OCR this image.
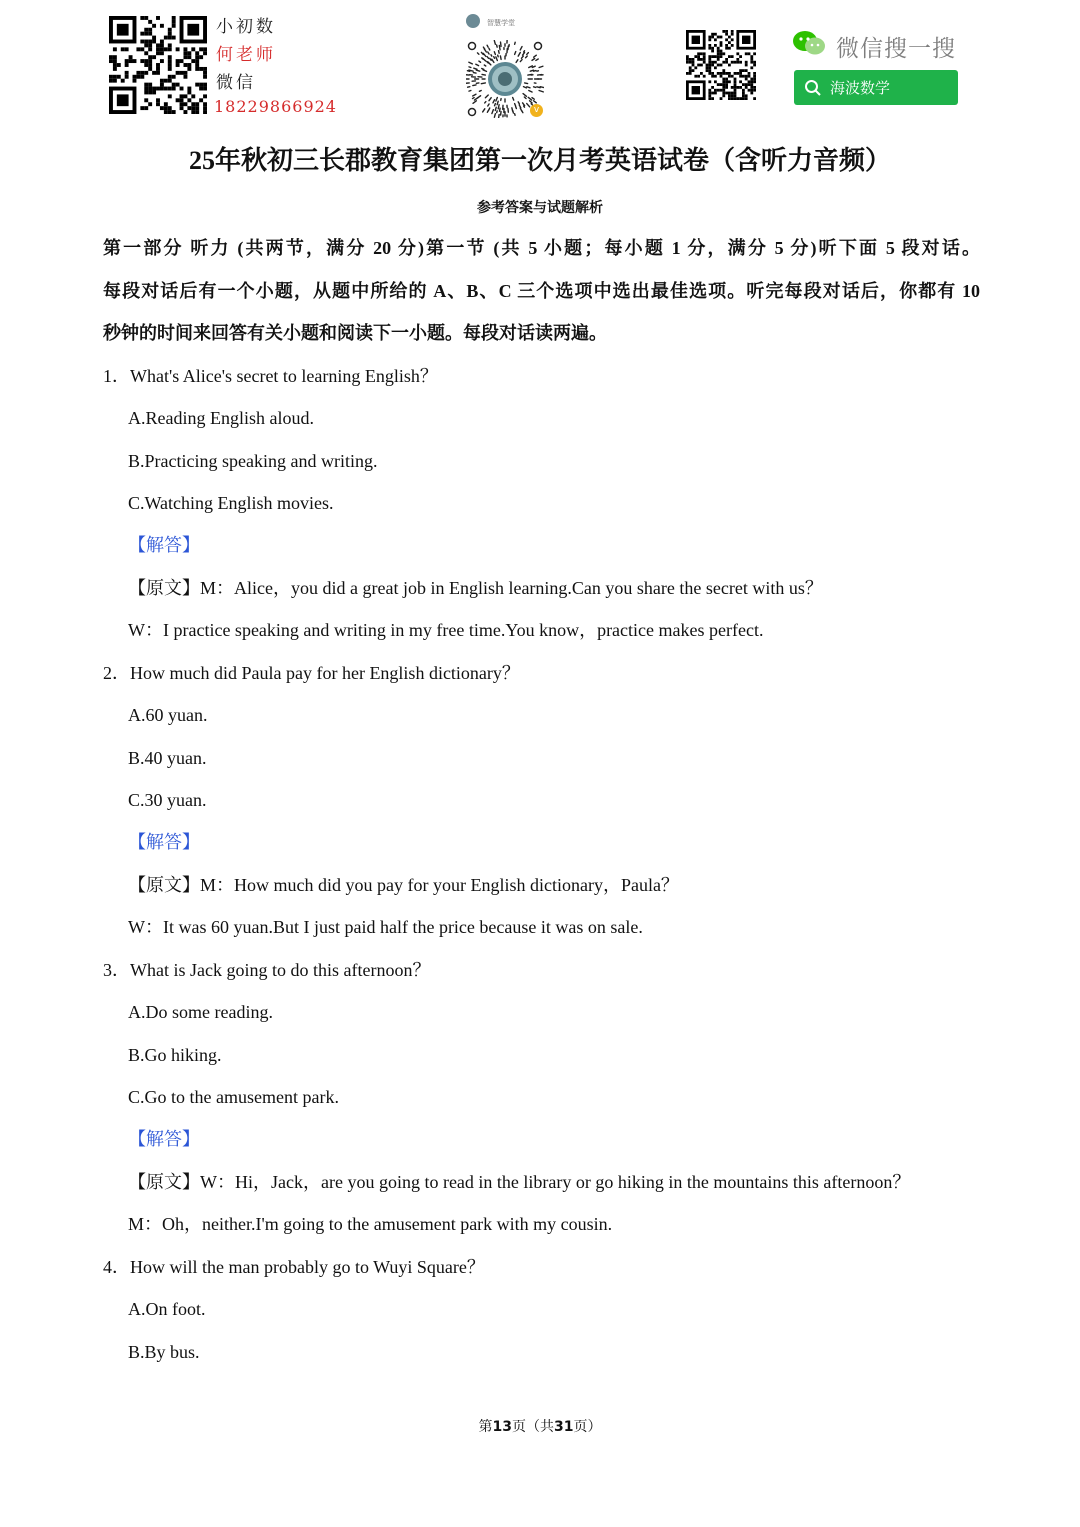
小初数
何老师
微信
18229866924
智慧学堂
v
微信搜一搜
海波数学
25年秋初三长郡教育集团第一次月考英语试卷（含听力音频）
参考答案与试题解析
第一部分 听力 (共两节，满分 20 分)第一节 (共 5 小题；每小题 1 分，满分 5 分)听下面 5 段对话。
每段对话后有一个小题，从题中所给的 A、B、C 三个选项中选出最佳选项。听完每段对话后，你都有 10
秒钟的时间来回答有关小题和阅读下一小题。每段对话读两遍。
1．What's Alice's secret to learning English？
A.Reading English aloud.
B.Practicing speaking and writing.
C.Watching English movies.
【解答】
【原文】M：Alice，you did a great job in English learning.Can you share the secret with us？
W：I practice speaking and writing in my free time.You know，practice makes perfect.
2．How much did Paula pay for her English dictionary？
A.60 yuan.
B.40 yuan.
C.30 yuan.
【解答】
【原文】M：How much did you pay for your English dictionary，Paula？
W：It was 60 yuan.But I just paid half the price because it was on sale.
3．What is Jack going to do this afternoon？
A.Do some reading.
B.Go hiking.
C.Go to the amusement park.
【解答】
【原文】W：Hi，Jack，are you going to read in the library or go hiking in the mountains this afternoon？
M：Oh，neither.I'm going to the amusement park with my cousin.
4．How will the man probably go to Wuyi Square？
A.On foot.
B.By bus.
第13页（共31页）
